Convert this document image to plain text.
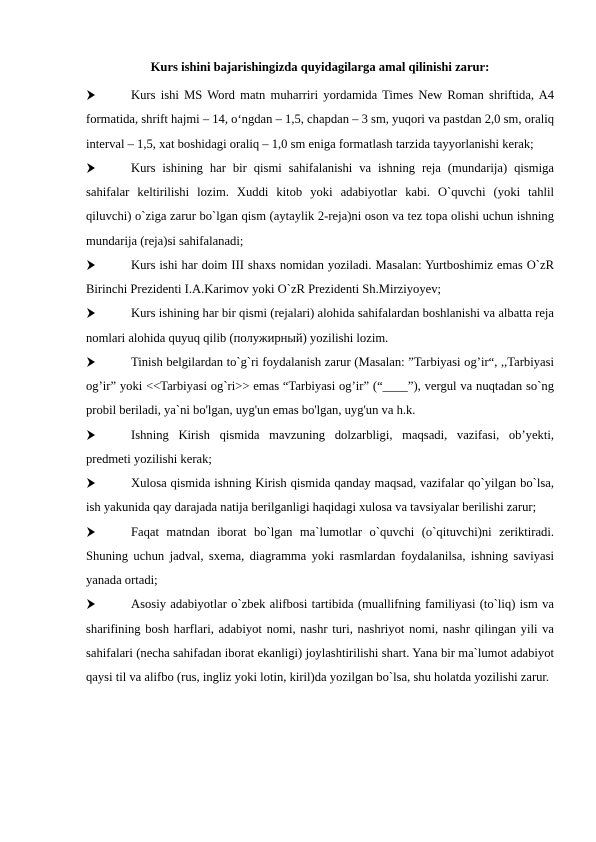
Kurs ishini bajarishingizda quyidagilarga amal qilinishi zarur:

Kurs ishi MS Word matn muharriri yordamida Times New Roman shriftida, A4 formatida, shrift hajmi – 14, o‘ngdan – 1,5, chapdan – 3 sm, yuqori va pastdan 2,0 sm, oraliq interval – 1,5, xat boshidagi oraliq – 1,0 sm eniga formatlash tarzida tayyorlanishi kerak;

Kurs ishining har bir qismi sahifalanishi va ishning reja (mundarija) qismiga sahifalar keltirilishi lozim. Xuddi kitob yoki adabiyotlar kabi. O`quvchi (yoki tahlil qiluvchi) o`ziga zarur bo`lgan qism (aytaylik 2-reja)ni oson va tez topa olishi uchun ishning mundarija (reja)si sahifalanadi;

Kurs ishi har doim III shaxs nomidan yoziladi. Masalan: Yurtboshimiz emas O`zR Birinchi Prezidenti I.A.Karimov yoki O`zR Prezidenti Sh.Mirziyoyev;

Kurs ishining har bir qismi (rejalari) alohida sahifalardan boshlanishi va albatta reja nomlari alohida quyuq qilib (полужирный) yozilishi lozim.

Tinish belgilardan to`g`ri foydalanish zarur (Masalan: ”Tarbiyasi og’ir“, ,,Tarbiyasi og’ir” yoki <<Tarbiyasi og`ri>> emas “Tarbiyasi og’ir” (“____”), vergul va nuqtadan so`ng probil beriladi, ya`ni bo'lgan, uyg'un emas bo'lgan, uyg'un va h.k.

Ishning Kirish qismida mavzuning dolzarbligi, maqsadi, vazifasi, ob’yekti, predmeti yozilishi kerak;

Xulosa qismida ishning Kirish qismida qanday maqsad, vazifalar qo`yilgan bo`lsa, ish yakunida qay darajada natija berilganligi haqidagi xulosa va tavsiyalar berilishi zarur;

Faqat matndan iborat bo`lgan ma`lumotlar o`quvchi (o`qituvchi)ni zeriktiradi. Shuning uchun jadval, sxema, diagramma yoki rasmlardan foydalanilsa, ishning saviyasi yanada ortadi;

Asosiy adabiyotlar o`zbek alifbosi tartibida (muallifning familiyasi (to`liq) ism va sharifining bosh harflari, adabiyot nomi, nashr turi, nashriyot nomi, nashr qilingan yili va sahifalari (necha sahifadan iborat ekanligi) joylashtirilishi shart. Yana bir ma`lumot adabiyot qaysi til va alifbo (rus, ingliz yoki lotin, kiril)da yozilgan bo`lsa, shu holatda yozilishi zarur.
